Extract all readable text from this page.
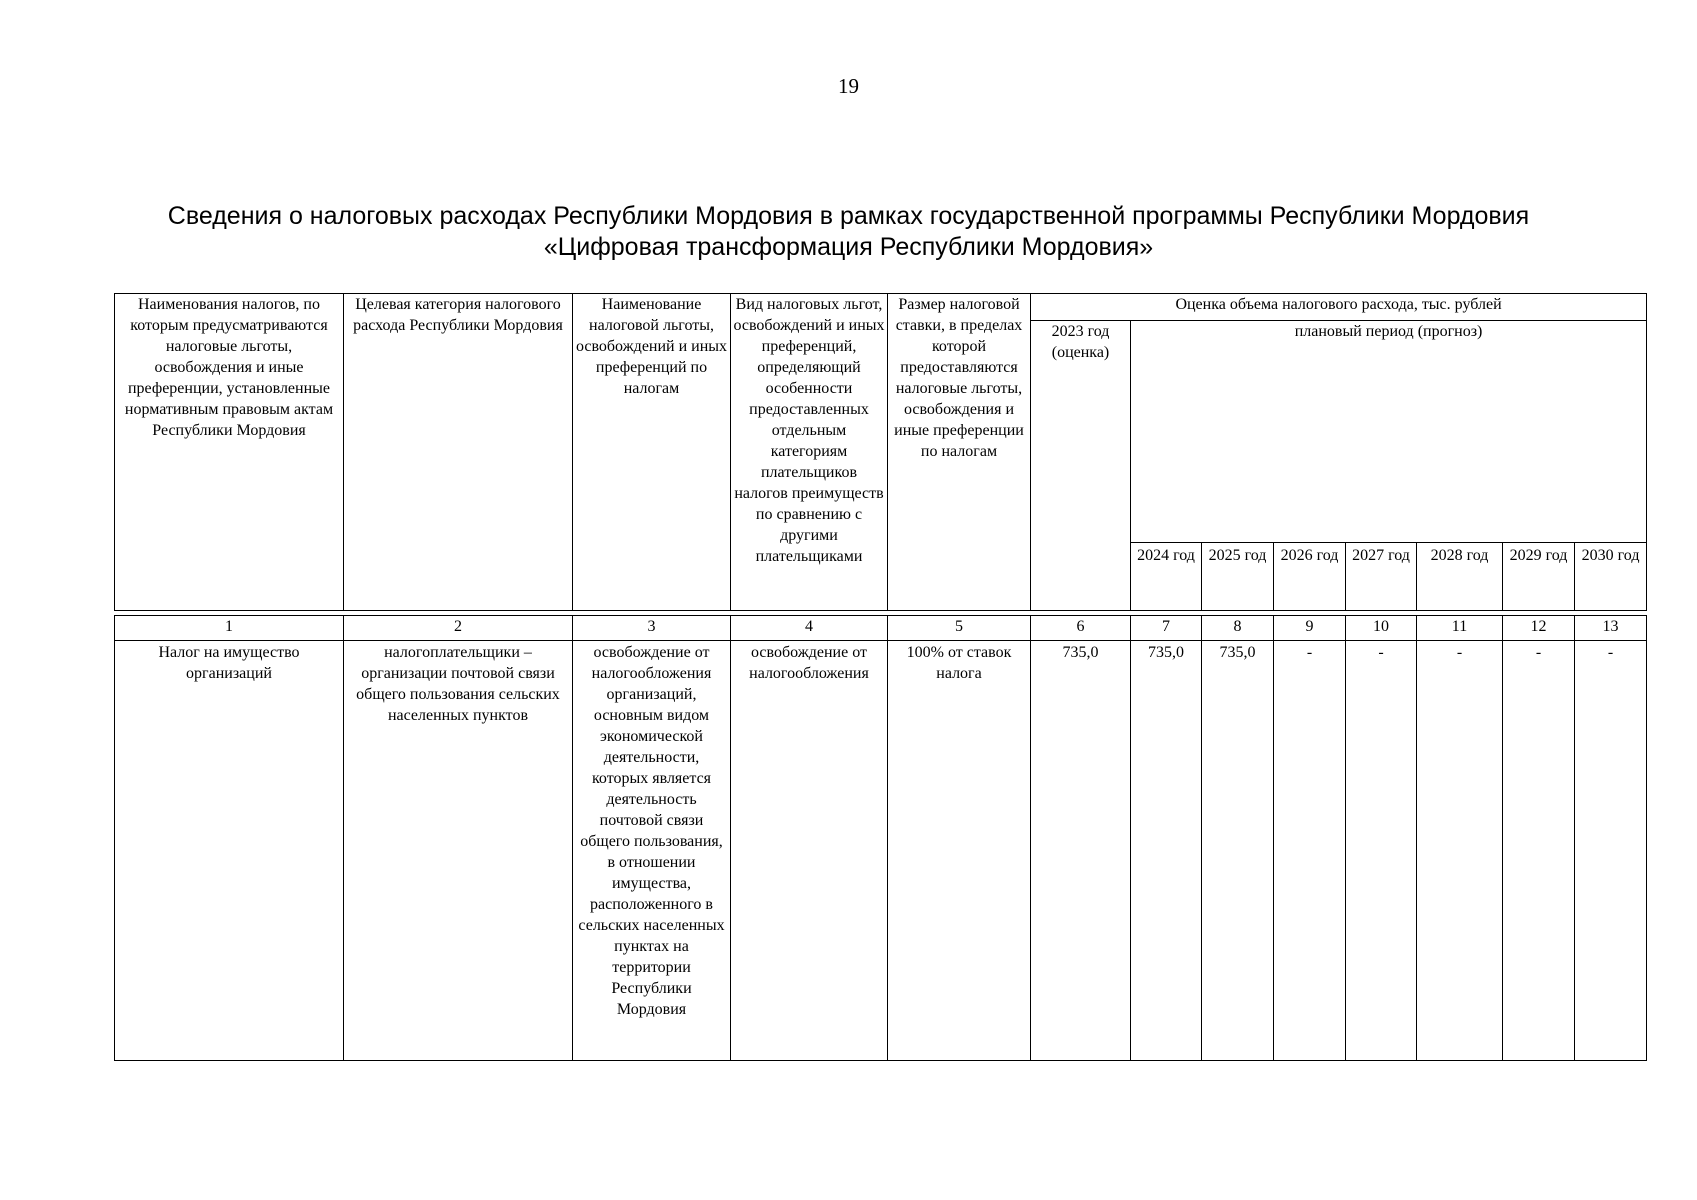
19
Сведения о налоговых расходах Республики Мордовия в рамках государственной программы Республики Мордовия
«Цифровая трансформация Республики Мордовия»
Наименования налогов, по которым предусматриваются налоговые льготы, освобождения и иные преференции, установленные нормативным правовым актам Республики Мордовия	Целевая категория налогового расхода Республики Мордовия	Наименование налоговой льготы, освобождений и иных преференций по налогам	Вид налоговых льгот, освобождений и иных преференций, определяющий особенности предоставленных отдельным категориям плательщиков налогов преимуществ по сравнению с другими плательщиками	Размер налоговой ставки, в пределах которой предоставляются налоговые льготы, освобождения и иные преференции по налогам	Оценка объема налогового расхода, тыс. рублей							
					2023 год (оценка)	плановый период (прогноз)						
						2024 год	2025 год	2026 год	2027 год	2028 год	2029 год	2030 год
1	2	3	4	5	6	7	8	9	10	11	12	13
Налог на имущество организаций	налогоплательщики – организации почтовой связи общего пользования сельских населенных пунктов	освобождение от налогообложения организаций, основным видом экономической деятельности, которых является деятельность почтовой связи общего пользования, в отношении имущества, расположенного в сельских населенных пунктах на территории Республики Мордовия	освобождение от налогообложения	100% от ставок налога	735,0	735,0	735,0	-	-	-	-	-
